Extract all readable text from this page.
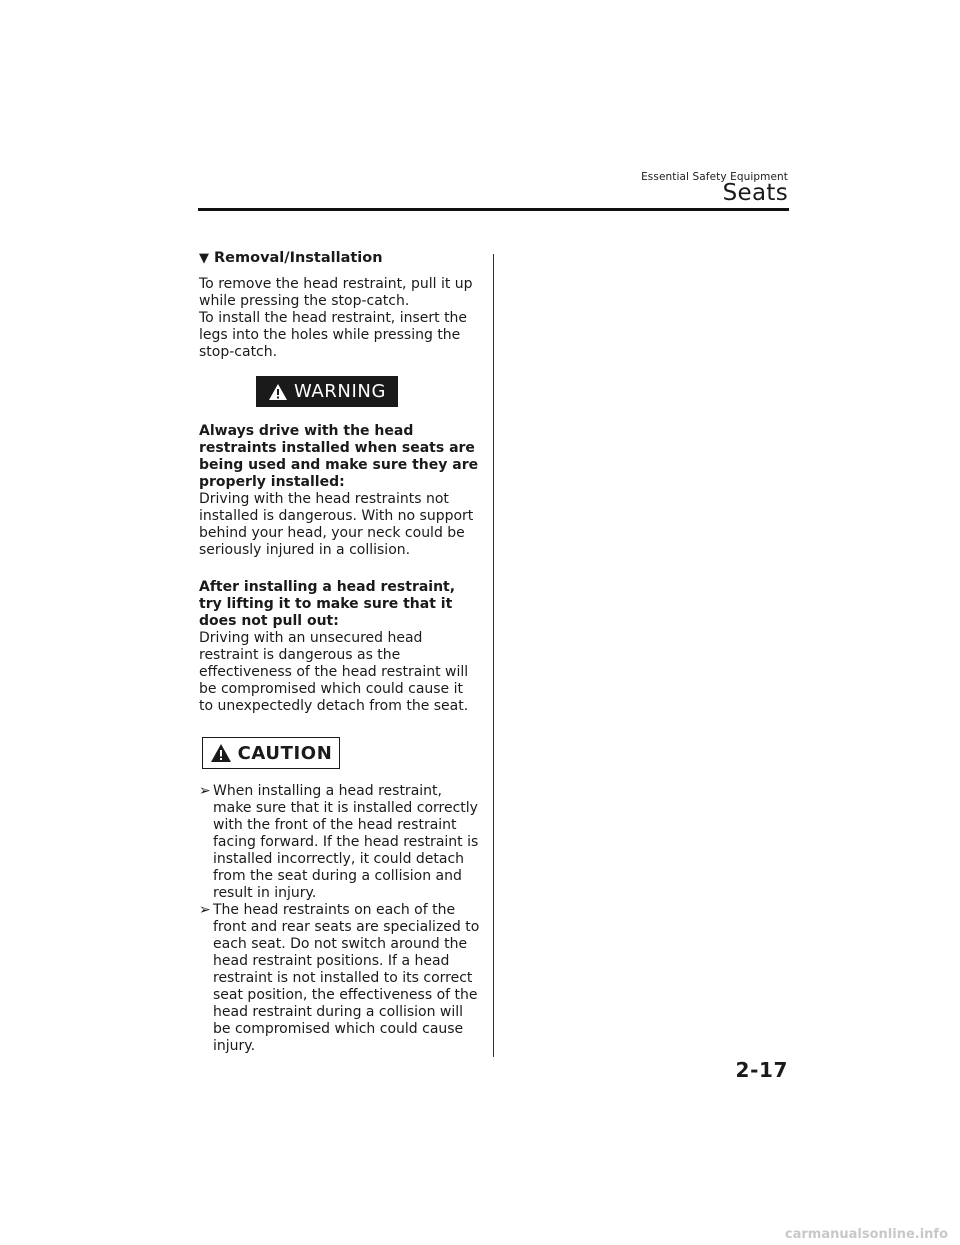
Essential Safety Equipment
Seats
▼ Removal/Installation

To remove the head restraint, pull it up while pressing the stop-catch.
To install the head restraint, insert the legs into the holes while pressing the stop-catch.

WARNING
Always drive with the head restraints installed when seats are being used and make sure they are properly installed:
Driving with the head restraints not installed is dangerous. With no support behind your head, your neck could be seriously injured in a collision.
After installing a head restraint, try lifting it to make sure that it does not pull out:
Driving with an unsecured head restraint is dangerous as the effectiveness of the head restraint will be compromised which could cause it to unexpectedly detach from the seat.
CAUTION
➢ When installing a head restraint, make sure that it is installed correctly with the front of the head restraint facing forward. If the head restraint is installed incorrectly, it could detach from the seat during a collision and result in injury.
➢ The head restraints on each of the front and rear seats are specialized to each seat. Do not switch around the head restraint positions. If a head restraint is not installed to its correct seat position, the effectiveness of the head restraint during a collision will be compromised which could cause injury.
2-17
carmanualsonline.info
